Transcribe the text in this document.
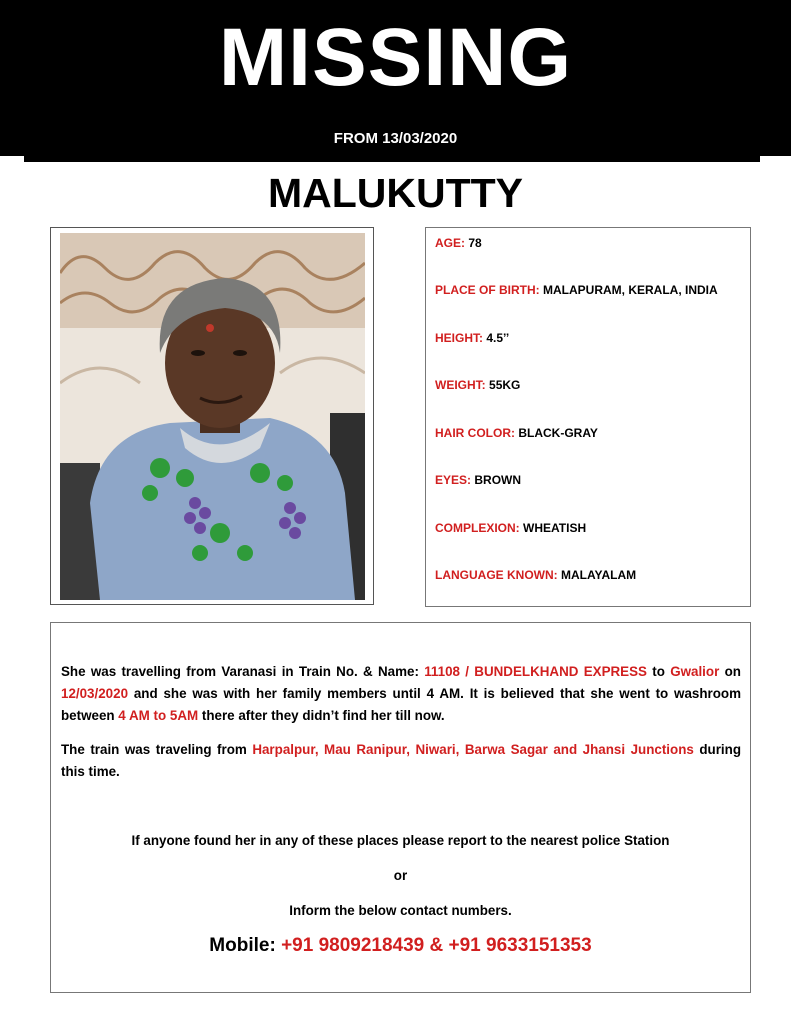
MISSING
FROM 13/03/2020
MALUKUTTY
AGE: 78
PLACE OF BIRTH: MALAPURAM, KERALA, INDIA
HEIGHT: 4.5’’
WEIGHT: 55KG
HAIR COLOR: BLACK-GRAY
EYES: BROWN
COMPLEXION: WHEATISH
LANGUAGE KNOWN: MALAYALAM
She was travelling from Varanasi in Train No. & Name: 11108 / BUNDELKHAND EXPRESS to Gwalior on 12/03/2020 and she was with her family members until 4 AM. It is believed that she went to washroom between 4 AM to 5AM there after they didn’t find her till now.
The train was traveling from Harpalpur, Mau Ranipur, Niwari, Barwa Sagar and Jhansi Junctions during this time.
If anyone found her in any of these places please report to the nearest police Station
or
Inform the below contact numbers.
Mobile: +91 9809218439 & +91 9633151353
